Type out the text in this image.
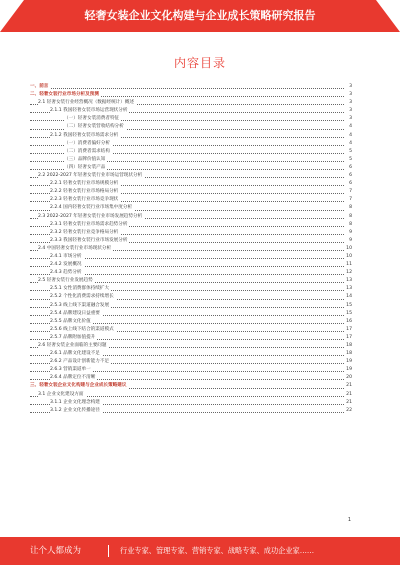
轻奢女装企业文化构建与企业成长策略研究报告
内容目录
一、前言	3
二、轻奢女装行业市场分析及预测	3
2.1 轻奢女装行业经营概况（数据经统计）概述	3
2.1.1 我国轻奢女装市场运营现状分析	3
（一）轻奢女装消费者特征	3
（二）轻奢女装营收结构分析	4
2.1.2 我国轻奢女装市场需求分析	4
（一）消费者偏好分析	4
（二）消费者需求结构	5
（三）品牌价值认知	5
（四）轻奢女装产品	6
2.2 2022-2027 年轻奢女装行业市场运营现状分析	6
2.2.1 轻奢女装行业市场规模分析	6
2.2.2 轻奢女装行业市场格局分析	7
2.2.3 轻奢女装行业市场竞争现状	7
2.2.4 国内轻奢女装行业市场集中度分析	8
2.3 2022-2027 年轻奢女装行业市场发展趋势分析	8
2.3.1 轻奢女装行业市场需求趋势分析	8
2.3.2 轻奢女装行业竞争格局分析	9
2.3.3 我国轻奢女装行业市场发展分析	9
2.4 中国轻奢女装行业市场现状分析	10
2.4.1 市场分析	10
2.4.2 发展概况	11
2.4.3 趋势分析	12
2.5 轻奢女装行业发展趋势	13
2.5.1 女性消费群体持续扩大	13
2.5.2 个性化消费需求持续增长	14
2.5.3 线上线下渠道融合发展	15
2.5.4 品牌建设日益重要	15
2.5.5 品牌文化价值	16
2.5.6 线上线下结合的渠道模式	17
2.5.7 品牌附加值提升	17
2.6 轻奢女装企业面临的主要问题	18
2.6.1 品牌文化建设不足	18
2.6.2 产品设计创新能力不足	19
2.6.3 营销渠道单一	19
2.6.4 品牌定位不清晰	20
三、轻奢女装企业文化构建与企业成长策略建议	21
3.1 企业文化建设方面	21
3.1.1 企业文化理念构建	21
3.1.2 企业文化传播途径	22
1
让个人都成为	行业专家、管理专家、营销专家、战略专家、成功企业家……
